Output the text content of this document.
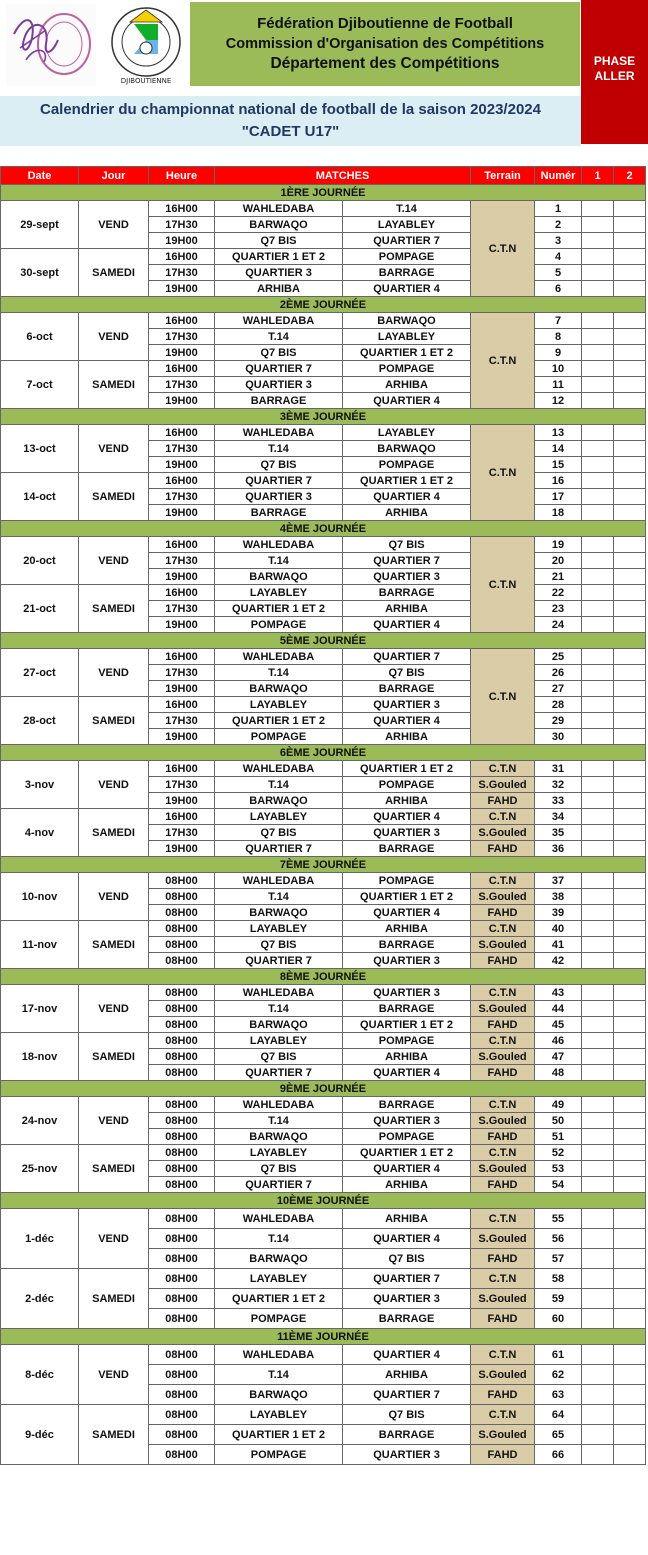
DJIBOUTIENNE
Fédération Djiboutienne de Football
Commission d'Organisation des Compétitions
Département des Compétitions	PHASE
ALLER
Calendrier du championnat national de football de la saison 2023/2024
"CADET U17"
Date	Jour	Heure	MATCHES		Terrain	Numér	1	2
1ÈRE JOURNÉE								
29-sept	VEND	16H00	WAHLEDABA	T.14	C.T.N	1		
		17H30	BARWAQO	LAYABLEY		2		
		19H00	Q7 BIS	QUARTIER 7		3		
30-sept	SAMEDI	16H00	QUARTIER 1 ET 2	POMPAGE		4		
		17H30	QUARTIER 3	BARRAGE		5		
		19H00	ARHIBA	QUARTIER 4		6		
2ÈME JOURNÉE								
6-oct	VEND	16H00	WAHLEDABA	BARWAQO	C.T.N	7		
		17H30	T.14	LAYABLEY		8		
		19H00	Q7 BIS	QUARTIER 1 ET 2		9		
7-oct	SAMEDI	16H00	QUARTIER 7	POMPAGE		10		
		17H30	QUARTIER 3	ARHIBA		11		
		19H00	BARRAGE	QUARTIER 4		12		
3ÈME JOURNÉE								
13-oct	VEND	16H00	WAHLEDABA	LAYABLEY	C.T.N	13		
		17H30	T.14	BARWAQO		14		
		19H00	Q7 BIS	POMPAGE		15		
14-oct	SAMEDI	16H00	QUARTIER 7	QUARTIER 1 ET 2		16		
		17H30	QUARTIER 3	QUARTIER 4		17		
		19H00	BARRAGE	ARHIBA		18		
4ÈME JOURNÉE								
20-oct	VEND	16H00	WAHLEDABA	Q7 BIS	C.T.N	19		
		17H30	T.14	QUARTIER 7		20		
		19H00	BARWAQO	QUARTIER 3		21		
21-oct	SAMEDI	16H00	LAYABLEY	BARRAGE		22		
		17H30	QUARTIER 1 ET 2	ARHIBA		23		
		19H00	POMPAGE	QUARTIER 4		24		
5ÈME JOURNÉE								
27-oct	VEND	16H00	WAHLEDABA	QUARTIER 7	C.T.N	25		
		17H30	T.14	Q7 BIS		26		
		19H00	BARWAQO	BARRAGE		27		
28-oct	SAMEDI	16H00	LAYABLEY	QUARTIER 3		28		
		17H30	QUARTIER 1 ET 2	QUARTIER 4		29		
		19H00	POMPAGE	ARHIBA		30		
6ÈME JOURNÉE								
3-nov	VEND	16H00	WAHLEDABA	QUARTIER 1 ET 2	C.T.N	31		
		17H30	T.14	POMPAGE	S.Gouled	32		
		19H00	BARWAQO	ARHIBA	FAHD	33		
4-nov	SAMEDI	16H00	LAYABLEY	QUARTIER 4	C.T.N	34		
		17H30	Q7 BIS	QUARTIER 3	S.Gouled	35		
		19H00	QUARTIER 7	BARRAGE	FAHD	36		
7ÈME JOURNÉE								
10-nov	VEND	08H00	WAHLEDABA	POMPAGE	C.T.N	37		
		08H00	T.14	QUARTIER 1 ET 2	S.Gouled	38		
		08H00	BARWAQO	QUARTIER 4	FAHD	39		
11-nov	SAMEDI	08H00	LAYABLEY	ARHIBA	C.T.N	40		
		08H00	Q7 BIS	BARRAGE	S.Gouled	41		
		08H00	QUARTIER 7	QUARTIER 3	FAHD	42		
8ÈME JOURNÉE								
17-nov	VEND	08H00	WAHLEDABA	QUARTIER 3	C.T.N	43		
		08H00	T.14	BARRAGE	S.Gouled	44		
		08H00	BARWAQO	QUARTIER 1 ET 2	FAHD	45		
18-nov	SAMEDI	08H00	LAYABLEY	POMPAGE	C.T.N	46		
		08H00	Q7 BIS	ARHIBA	S.Gouled	47		
		08H00	QUARTIER 7	QUARTIER 4	FAHD	48		
9ÈME JOURNÉE								
24-nov	VEND	08H00	WAHLEDABA	BARRAGE	C.T.N	49		
		08H00	T.14	QUARTIER 3	S.Gouled	50		
		08H00	BARWAQO	POMPAGE	FAHD	51		
25-nov	SAMEDI	08H00	LAYABLEY	QUARTIER 1 ET 2	C.T.N	52		
		08H00	Q7 BIS	QUARTIER 4	S.Gouled	53		
		08H00	QUARTIER 7	ARHIBA	FAHD	54		
10ÈME JOURNÉE								
1-déc	VEND	08H00	WAHLEDABA	ARHIBA	C.T.N	55		
		08H00	T.14	QUARTIER 4	S.Gouled	56		
		08H00	BARWAQO	Q7 BIS	FAHD	57		
2-déc	SAMEDI	08H00	LAYABLEY	QUARTIER 7	C.T.N	58		
		08H00	QUARTIER 1 ET 2	QUARTIER 3	S.Gouled	59		
		08H00	POMPAGE	BARRAGE	FAHD	60		
11ÈME JOURNÉE								
8-déc	VEND	08H00	WAHLEDABA	QUARTIER 4	C.T.N	61		
		08H00	T.14	ARHIBA	S.Gouled	62		
		08H00	BARWAQO	QUARTIER 7	FAHD	63		
9-déc	SAMEDI	08H00	LAYABLEY	Q7 BIS	C.T.N	64		
		08H00	QUARTIER 1 ET 2	BARRAGE	S.Gouled	65		
		08H00	POMPAGE	QUARTIER 3	FAHD	66		
